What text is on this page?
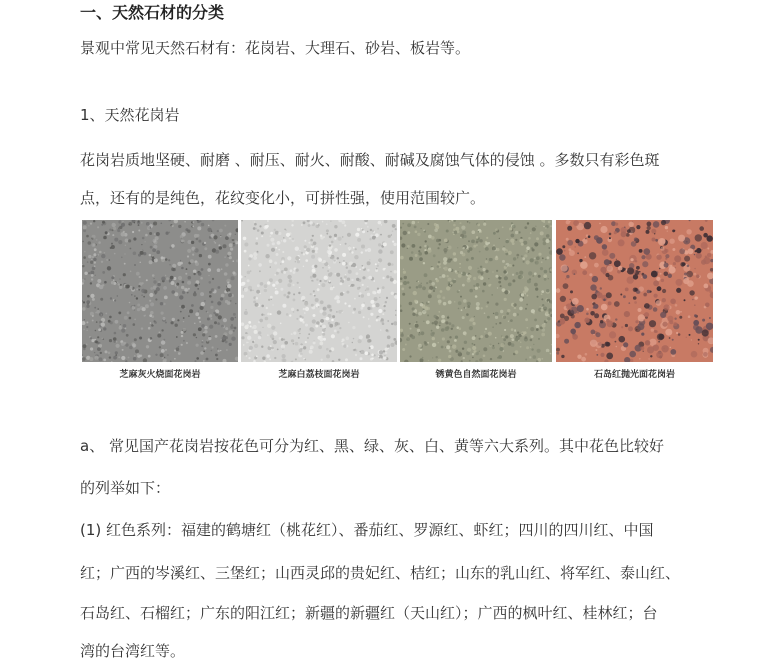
一、天然石材的分类
景观中常见天然石材有：花岗岩、大理石、砂岩、板岩等。
1、天然花岗岩
花岗岩质地坚硬、耐磨 、耐压、耐火、耐酸、耐碱及腐蚀气体的侵蚀 。多数只有彩色斑
点，还有的是纯色，花纹变化小，可拼性强，使用范围较广。
芝麻灰火烧面花岗岩	芝麻白荔枝面花岗岩	锈黄色自然面花岗岩	石岛红抛光面花岗岩
a、 常见国产花岗岩按花色可分为红、黑、绿、灰、白、黄等六大系列。其中花色比较好
的列举如下：
(1) 红色系列：福建的鹤塘红（桃花红）、番茄红、罗源红、虾红；四川的四川红、中国
红；广西的岑溪红、三堡红；山西灵邱的贵妃红、桔红；山东的乳山红、将军红、泰山红、
石岛红、石榴红；广东的阳江红；新疆的新疆红（天山红）；广西的枫叶红、桂林红；台
湾的台湾红等。
